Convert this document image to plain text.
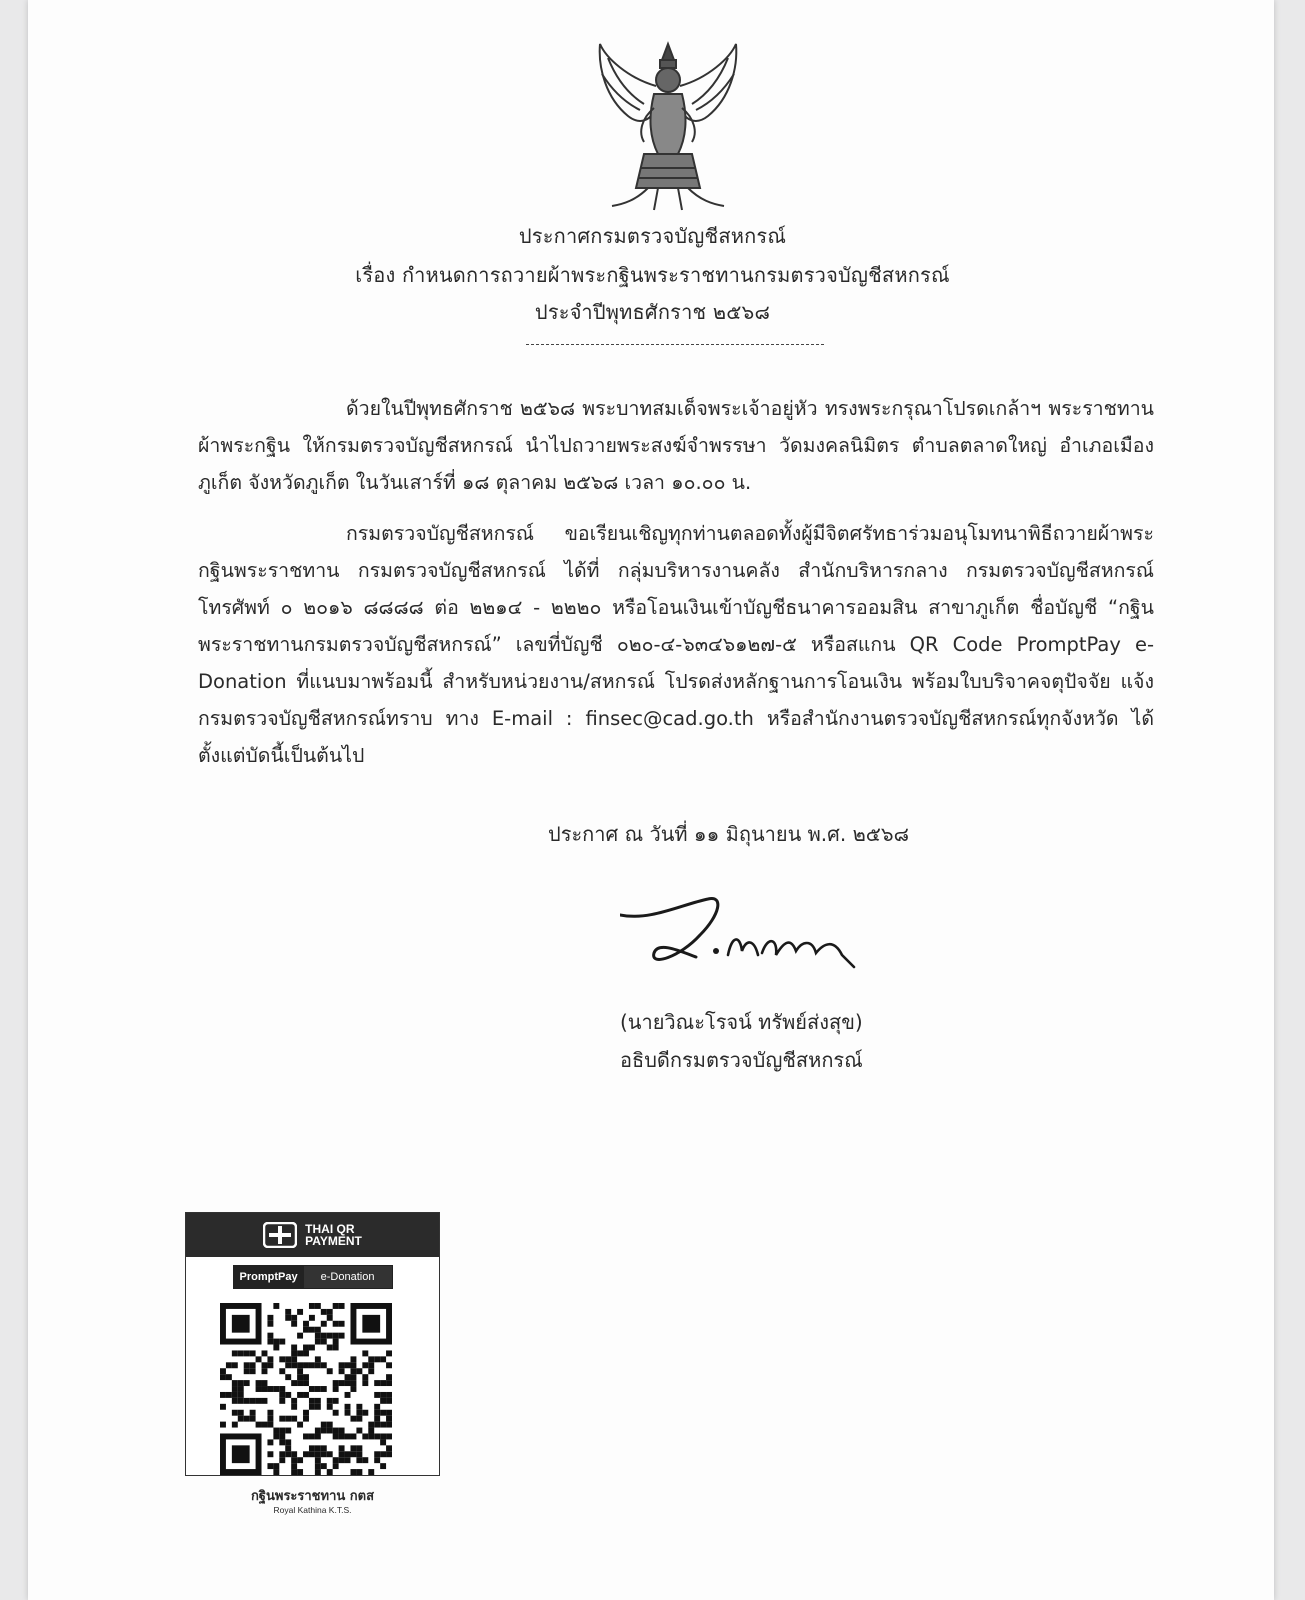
ประกาศกรมตรวจบัญชีสหกรณ์
เรื่อง กำหนดการถวายผ้าพระกฐินพระราชทานกรมตรวจบัญชีสหกรณ์
ประจำปีพุทธศักราช ๒๕๖๘
ด้วยในปีพุทธศักราช ๒๕๖๘ พระบาทสมเด็จพระเจ้าอยู่หัว ทรงพระกรุณาโปรดเกล้าฯ พระราชทานผ้าพระกฐิน ให้กรมตรวจบัญชีสหกรณ์ นำไปถวายพระสงฆ์จำพรรษา วัดมงคลนิมิตร ตำบลตลาดใหญ่ อำเภอเมืองภูเก็ต จังหวัดภูเก็ต ในวันเสาร์ที่ ๑๘ ตุลาคม ๒๕๖๘ เวลา ๑๐.๐๐ น.
กรมตรวจบัญชีสหกรณ์ ขอเรียนเชิญทุกท่านตลอดทั้งผู้มีจิตศรัทธาร่วมอนุโมทนาพิธีถวายผ้าพระกฐินพระราชทาน กรมตรวจบัญชีสหกรณ์ ได้ที่ กลุ่มบริหารงานคลัง สำนักบริหารกลาง กรมตรวจบัญชีสหกรณ์ โทรศัพท์ ๐ ๒๐๑๖ ๘๘๘๘ ต่อ ๒๒๑๔ - ๒๒๒๐ หรือโอนเงินเข้าบัญชีธนาคารออมสิน สาขาภูเก็ต ชื่อบัญชี “กฐินพระราชทานกรมตรวจบัญชีสหกรณ์” เลขที่บัญชี ๐๒๐-๔-๖๓๔๖๑๒๗-๕ หรือสแกน QR Code PromptPay e-Donation ที่แนบมาพร้อมนี้ สำหรับหน่วยงาน/สหกรณ์ โปรดส่งหลักฐานการโอนเงิน พร้อมใบบริจาคจตุปัจจัย แจ้งกรมตรวจบัญชีสหกรณ์ทราบ ทาง E-mail : finsec@cad.go.th หรือสำนักงานตรวจบัญชีสหกรณ์ทุกจังหวัด ได้ตั้งแต่บัดนี้เป็นต้นไป
ประกาศ ณ วันที่ ๑๑ มิถุนายน พ.ศ. ๒๕๖๘
(นายวิณะโรจน์ ทรัพย์ส่งสุข)
อธิบดีกรมตรวจบัญชีสหกรณ์
THAI QR
PAYMENT
PromptPay	e-Donation
กฐินพระราชทาน กตส
Royal Kathina K.T.S.
